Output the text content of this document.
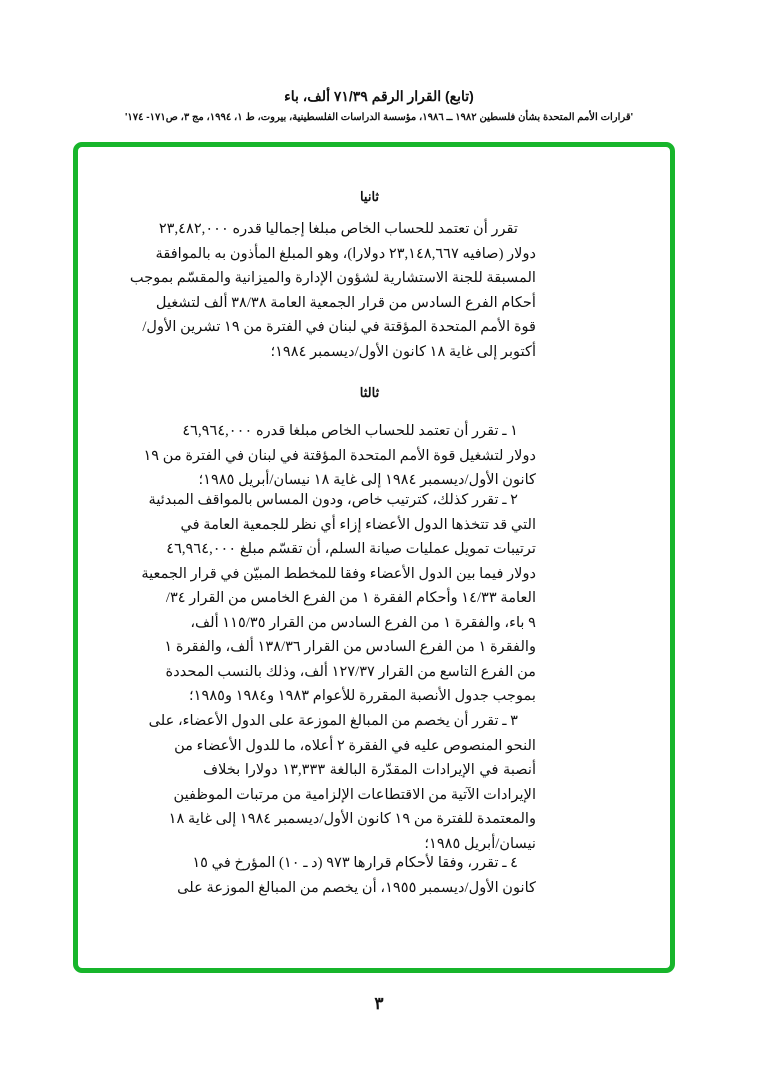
(تابع) القرار الرقم ٧١/٣٩ ألف، باء
'قرارات الأمم المتحدة بشأن فلسطين ١٩٨٢ ــ ١٩٨٦، مؤسسة الدراسات الفلسطينية، بيروت، ط ١، ١٩٩٤، مج ٣، ص١٧١- ١٧٤'
ثانيا
تقرر أن تعتمد للحساب الخاص مبلغا إجماليا قدره ٢٣,٤٨٢,٠٠٠
دولار (صافيه ٢٣,١٤٨,٦٦٧ دولارا)، وهو المبلغ المأذون به بالموافقة
المسبقة للجنة الاستشارية لشؤون الإدارة والميزانية والمقسّم بموجب
أحكام الفرع السادس من قرار الجمعية العامة ٣٨/٣٨ ألف لتشغيل
قوة الأمم المتحدة المؤقتة في لبنان في الفترة من ١٩ تشرين الأول/
أكتوبر إلى غاية ١٨ كانون الأول/ديسمبر ١٩٨٤؛
ثالثا
١ ـ تقرر أن تعتمد للحساب الخاص مبلغا قدره ٤٦,٩٦٤,٠٠٠
دولار لتشغيل قوة الأمم المتحدة المؤقتة في لبنان في الفترة من ١٩
كانون الأول/ديسمبر ١٩٨٤ إلى غاية ١٨ نيسان/أبريل ١٩٨٥؛
٢ ـ تقرر كذلك، كترتيب خاص، ودون المساس بالمواقف المبدئية
التي قد تتخذها الدول الأعضاء إزاء أي نظر للجمعية العامة في
ترتيبات تمويل عمليات صيانة السلم، أن تقسّم مبلغ ٤٦,٩٦٤,٠٠٠
دولار فيما بين الدول الأعضاء وفقا للمخطط المبيّن في قرار الجمعية
العامة ١٤/٣٣ وأحكام الفقرة ١ من الفرع الخامس من القرار ٣٤/
٩ باء، والفقرة ١ من الفرع السادس من القرار ١١٥/٣٥ ألف،
والفقرة ١ من الفرع السادس من القرار ١٣٨/٣٦ ألف، والفقرة ١
من الفرع التاسع من القرار ١٢٧/٣٧ ألف، وذلك بالنسب المحددة
بموجب جدول الأنصبة المقررة للأعوام ١٩٨٣ و١٩٨٤ و١٩٨٥؛
٣ ـ تقرر أن يخصم من المبالغ الموزعة على الدول الأعضاء، على
النحو المنصوص عليه في الفقرة ٢ أعلاه، ما للدول الأعضاء من
أنصبة في الإيرادات المقدّرة البالغة ١٣,٣٣٣ دولارا بخلاف
الإيرادات الآتية من الاقتطاعات الإلزامية من مرتبات الموظفين
والمعتمدة للفترة من ١٩ كانون الأول/ديسمبر ١٩٨٤ إلى غاية ١٨
نيسان/أبريل ١٩٨٥؛
٤ ـ تقرر، وفقا لأحكام قرارها ٩٧٣ (د ـ ١٠) المؤرخ في ١٥
كانون الأول/ديسمبر ١٩٥٥، أن يخصم من المبالغ الموزعة على
٣
